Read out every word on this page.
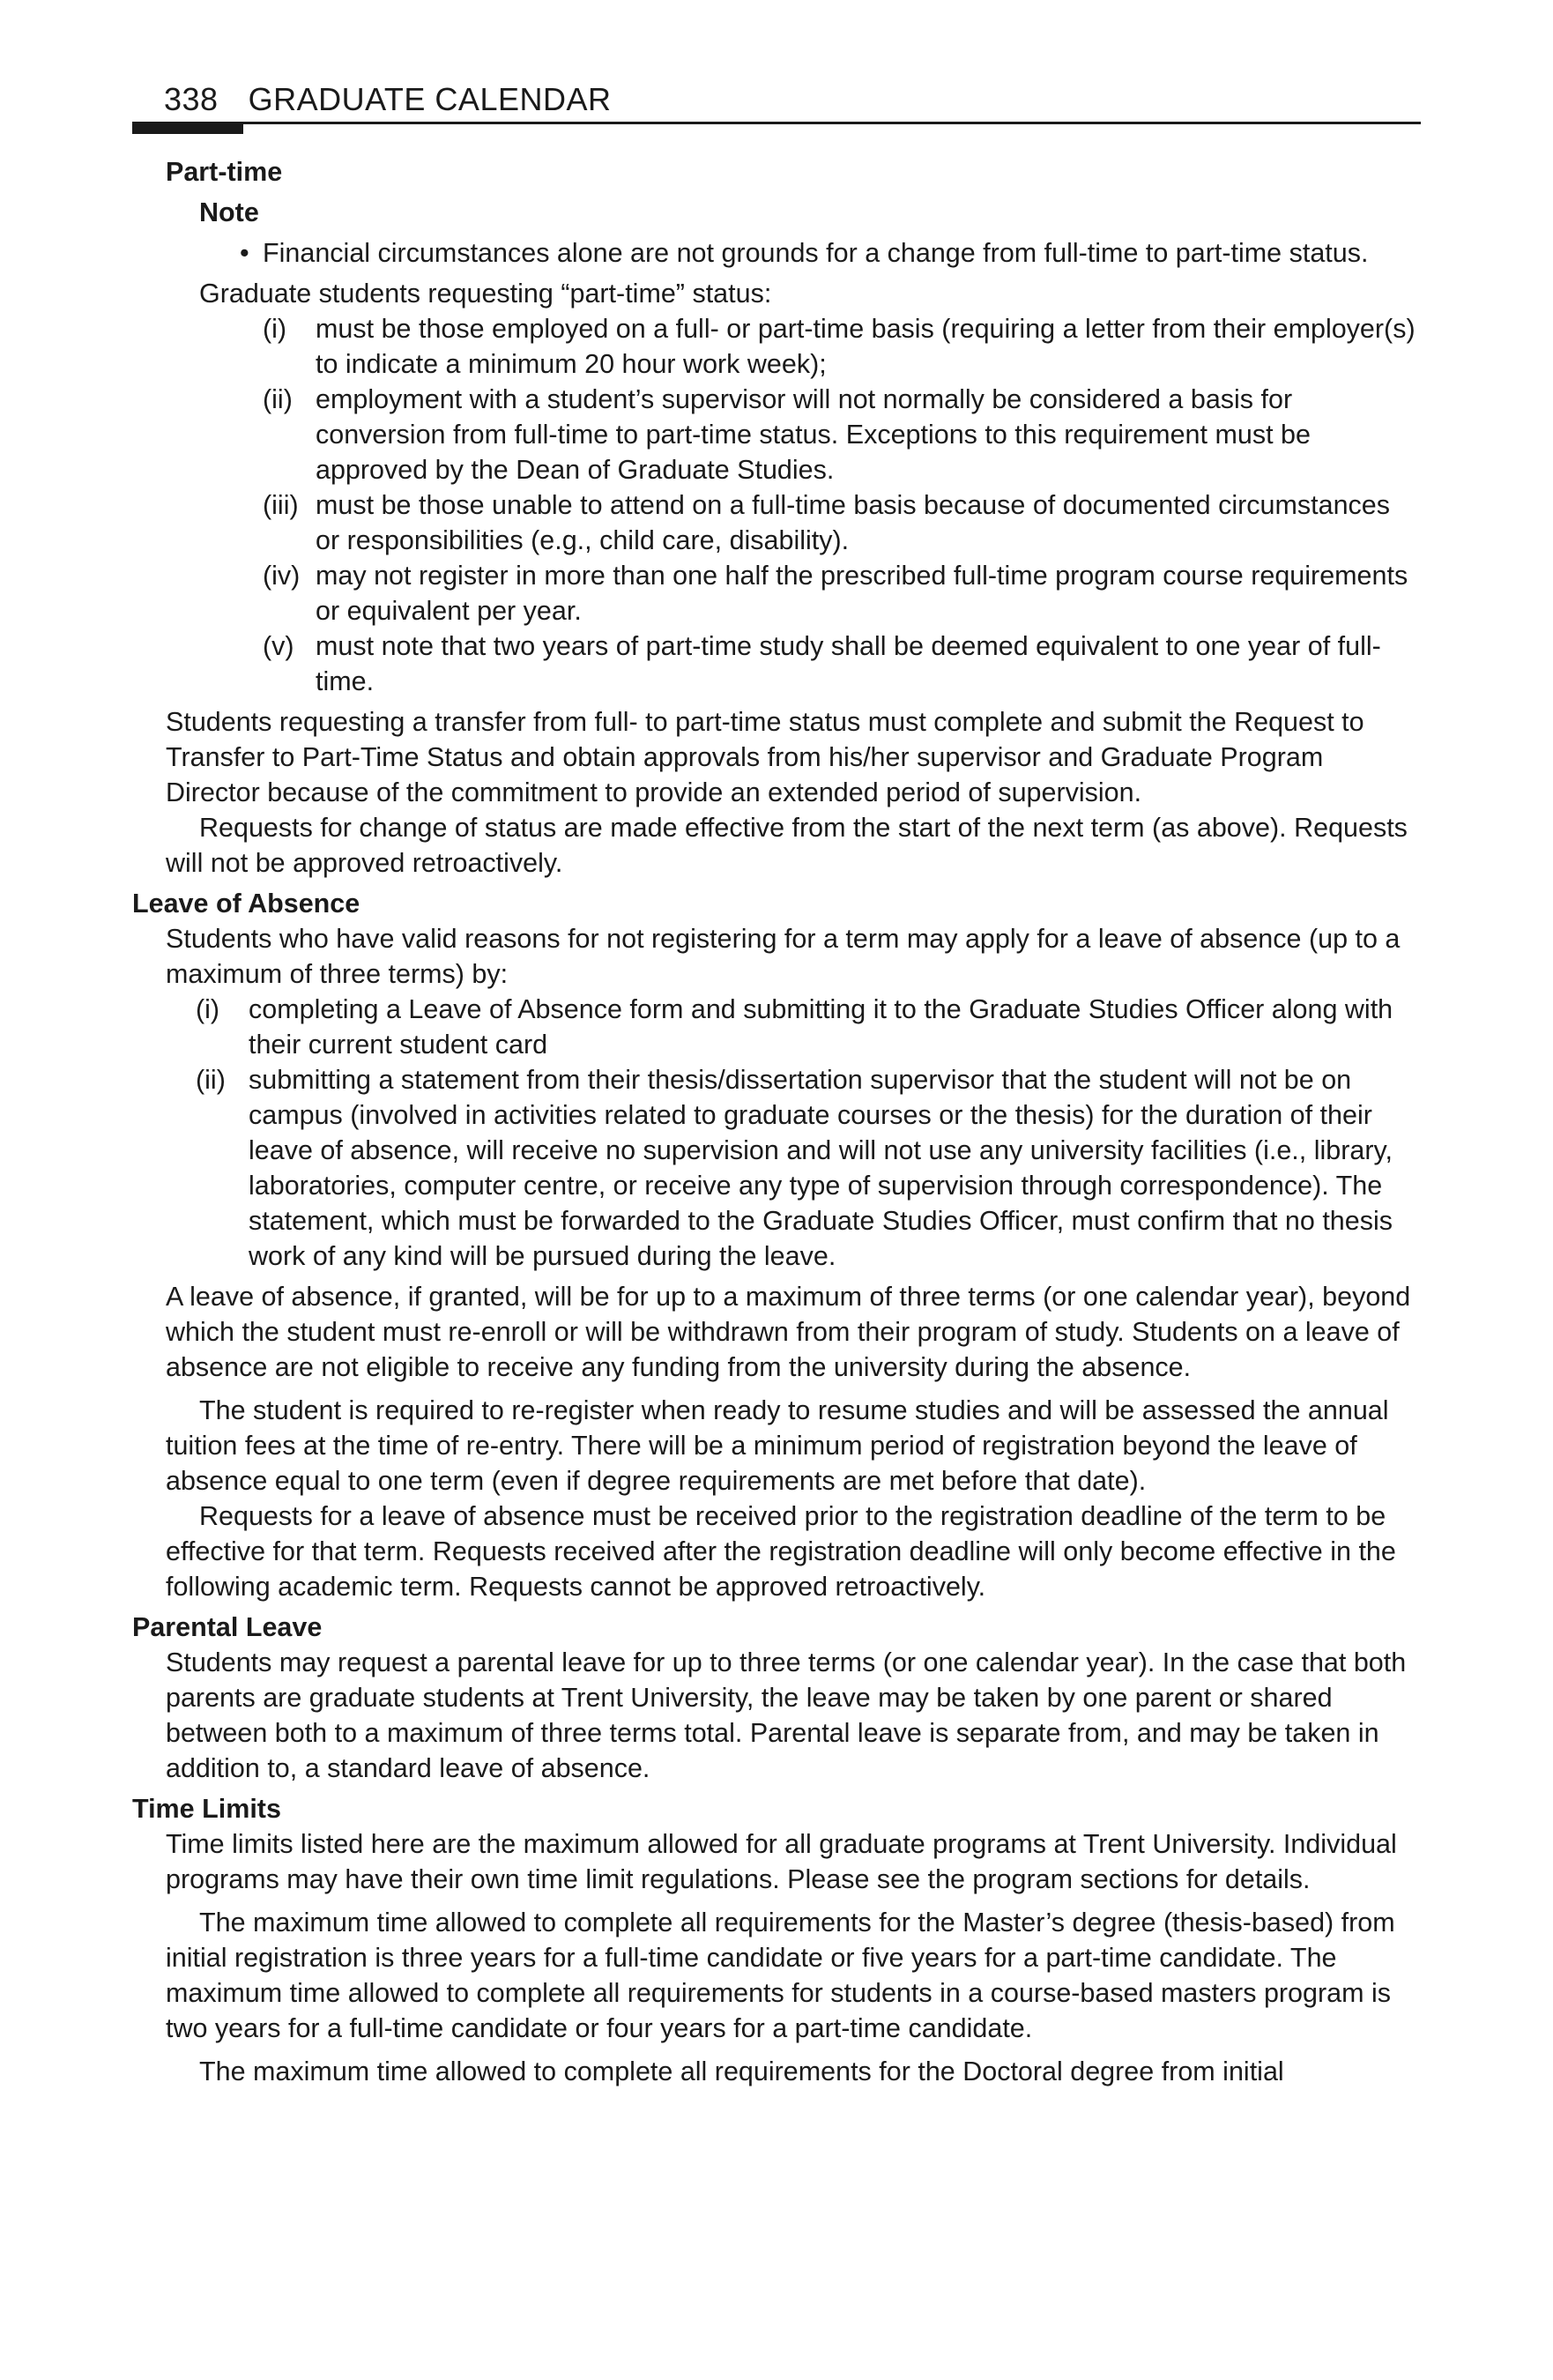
338 GRADUATE CALENDAR

Part-time

Note

• Financial circumstances alone are not grounds for a change from full-time to part-time status.

Graduate students requesting “part-time” status:

(i)	must be those employed on a full- or part-time basis (requiring a letter from their employer(s) to indicate a minimum 20 hour work week);
(ii) employment with a student’s supervisor will not normally be considered a basis for conversion from full-time to part-time status. Exceptions to this requirement must be approved by the Dean of Graduate Studies.
(iii) must be those unable to attend on a full-time basis because of documented circumstances or responsibilities (e.g., child care, disability).
(iv) may not register in more than one half the prescribed full-time program course requirements or equivalent per year.
(v) must note that two years of part-time study shall be deemed equivalent to one year of full-time.

Students requesting a transfer from full- to part-time status must complete and submit the Request to Transfer to Part-Time Status and obtain approvals from his/her supervisor and Graduate Program Director because of the commitment to provide an extended period of supervision.

Requests for change of status are made effective from the start of the next term (as above). Requests will not be approved retroactively.

Leave of Absence

Students who have valid reasons for not registering for a term may apply for a leave of absence (up to a maximum of three terms) by:

(i)	completing a Leave of Absence form and submitting it to the Graduate Studies Officer along with their current student card
(ii) submitting a statement from their thesis/dissertation supervisor that the student will not be on campus (involved in activities related to graduate courses or the thesis) for the duration of their leave of absence, will receive no supervision and will not use any university facilities (i.e., library, laboratories, computer centre, or receive any type of supervision through correspondence). The statement, which must be forwarded to the Graduate Studies Officer, must confirm that no thesis work of any kind will be pursued during the leave.

A leave of absence, if granted, will be for up to a maximum of three terms (or one calendar year), beyond which the student must re-enroll or will be withdrawn from their program of study. Students on a leave of absence are not eligible to receive any funding from the university during the absence.

The student is required to re-register when ready to resume studies and will be assessed the annual tuition fees at the time of re-entry. There will be a minimum period of registration beyond the leave of absence equal to one term (even if degree requirements are met before that date).

Requests for a leave of absence must be received prior to the registration deadline of the term to be effective for that term. Requests received after the registration deadline will only become effective in the following academic term. Requests cannot be approved retroactively.

Parental Leave

Students may request a parental leave for up to three terms (or one calendar year). In the case that both parents are graduate students at Trent University, the leave may be taken by one parent or shared between both to a maximum of three terms total. Parental leave is separate from, and may be taken in addition to, a standard leave of absence.

Time Limits

Time limits listed here are the maximum allowed for all graduate programs at Trent University. Individual programs may have their own time limit regulations. Please see the program sections for details.

The maximum time allowed to complete all requirements for the Master’s degree (thesis-based) from initial registration is three years for a full-time candidate or five years for a part-time candidate. The maximum time allowed to complete all requirements for students in a course-based masters program is two years for a full-time candidate or four years for a part-time candidate.

The maximum time allowed to complete all requirements for the Doctoral degree from initial
